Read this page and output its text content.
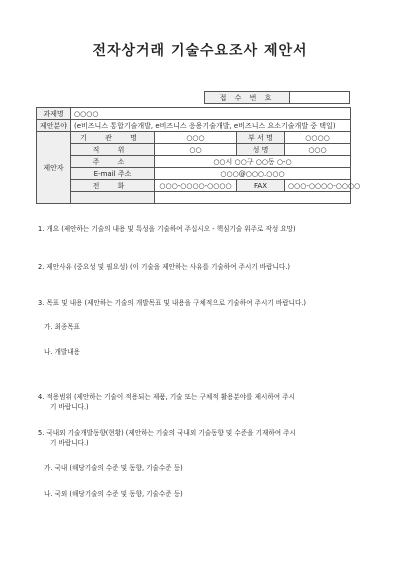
전자상거래 기술수요조사 제안서
접 수 번 호	
과제명	○○○○			
제안분야	(e비즈니스 통합기술개발, e비즈니스 응용기술개발, e비즈니스 요소기술개발 중 택일)			
제안자	기 관 명	○○○	부 서 명	○○○○
	직 위	○○	성 명	○○○
	주 소	○○시 ○○구 ○○동 ○-○		
	E-mail 주소	○○○@○○○.○○○		
	전 화	○○○-○○○○-○○○○	FAX	○○○-○○○○-○○○○

1. 개요 (제안하는 기술의 내용 및 특성을 기술하여 주십시오 - 핵심기술 위주로 작성 요망)
2. 제안사유 (중요성 및 필요성) (이 기술을 제안하는 사유를 기술하여 주시기 바랍니다.)
3. 목표 및 내용 (제안하는 기술의 개발목표 및 내용을 구체적으로 기술하여 주시기 바랍니다.)
가. 최종목표
나. 개발내용
4. 적용범위 (제안하는 기술이 적용되는 제품, 기술 또는 구체적 활용분야를 제시하여 주시
기 바랍니다.)
5. 국내외 기술개발동향(현황) (제안하는 기술의 국내외 기술동향 및 수준을 기재하여 주시
기 바랍니다.)
가. 국내 (해당기술의 수준 및 동향, 기술수준 등)
나. 국외 (해당기술의 수준 및 동향, 기술수준 등)
